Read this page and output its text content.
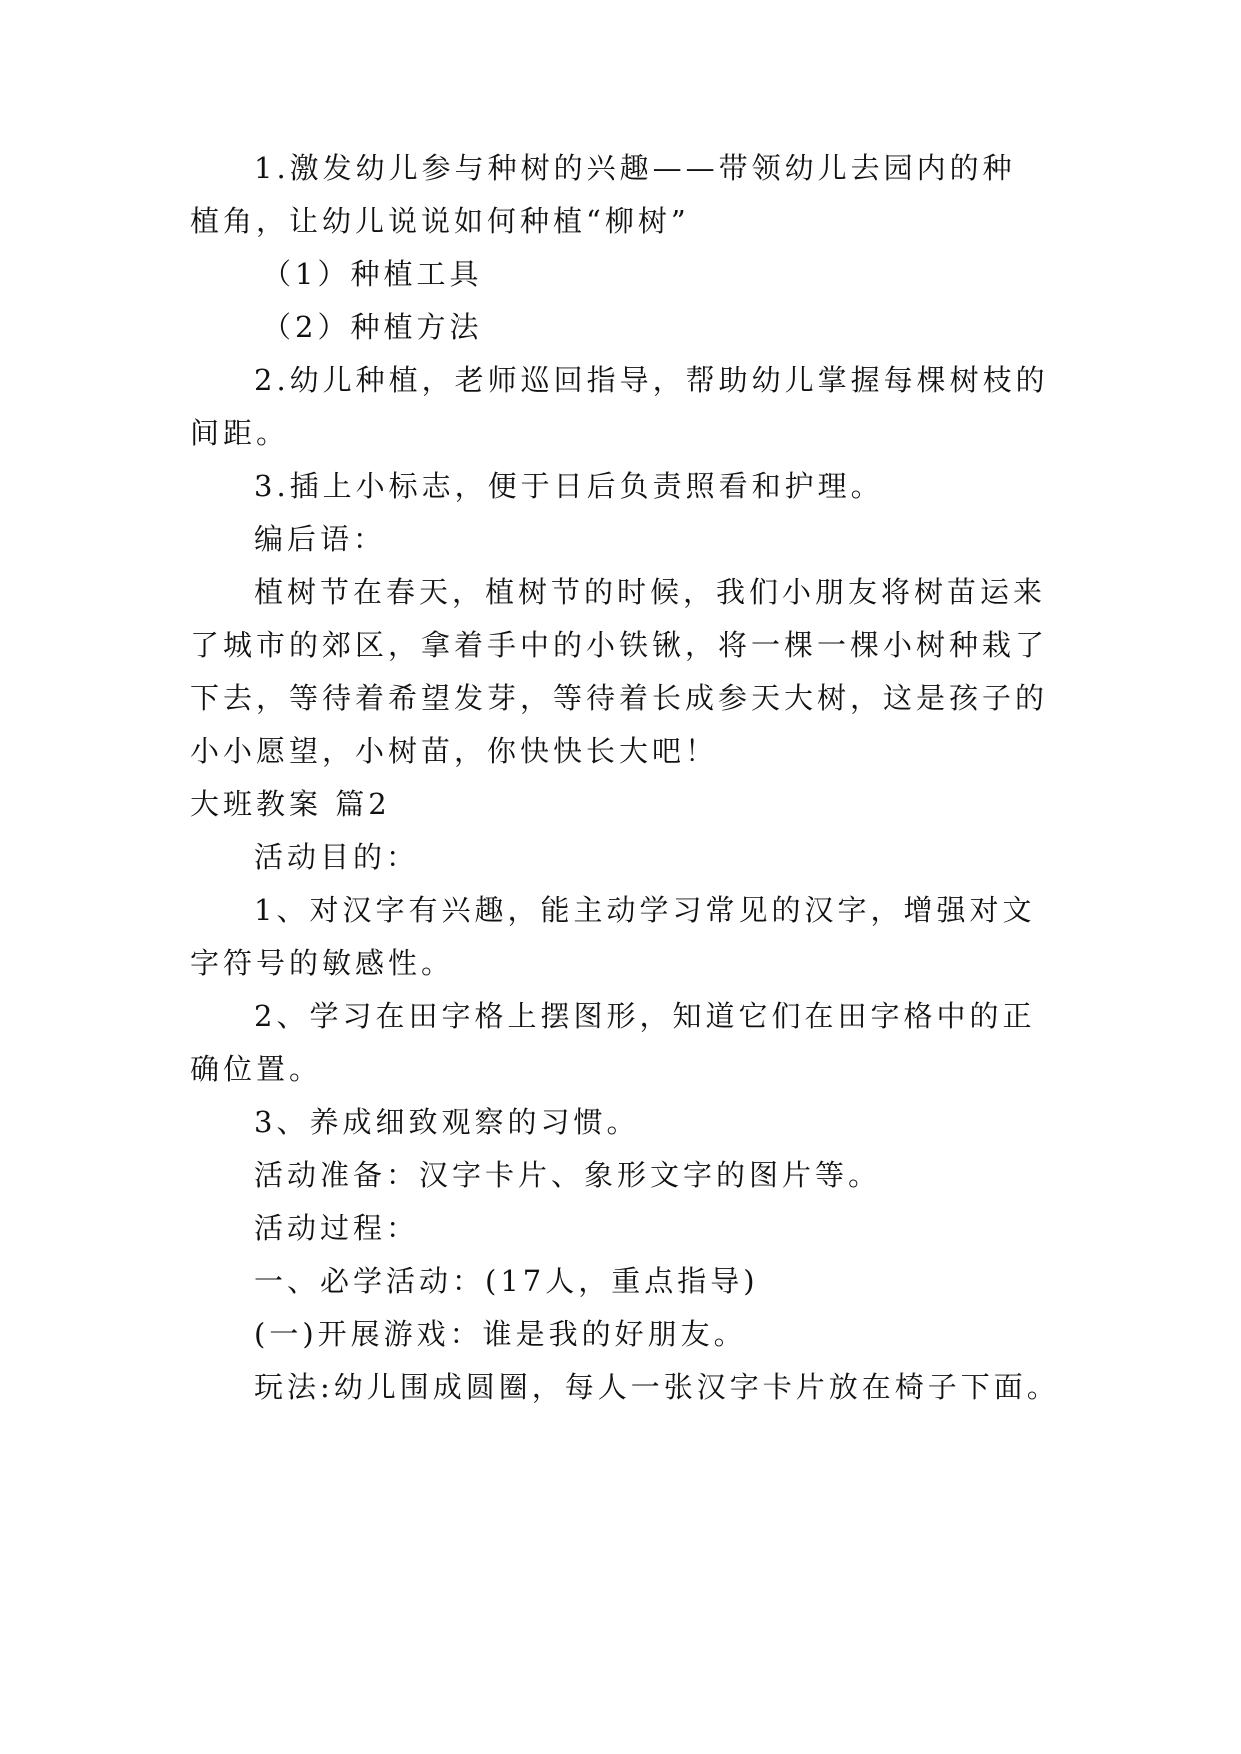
1.激发幼儿参与种树的兴趣——带领幼儿去园内的种
植角，让幼儿说说如何种植“柳树”
（1）种植工具
（2）种植方法
2.幼儿种植，老师巡回指导，帮助幼儿掌握每棵树枝的
间距。
3.插上小标志，便于日后负责照看和护理。
编后语：
植树节在春天，植树节的时候，我们小朋友将树苗运来
了城市的郊区，拿着手中的小铁锹，将一棵一棵小树种栽了
下去，等待着希望发芽，等待着长成参天大树，这是孩子的
小小愿望，小树苗，你快快长大吧！
大班教案 篇2
活动目的：
1、对汉字有兴趣，能主动学习常见的汉字，增强对文
字符号的敏感性。
2、学习在田字格上摆图形，知道它们在田字格中的正
确位置。
3、养成细致观察的习惯。
活动准备：汉字卡片、象形文字的图片等。
活动过程：
一、必学活动：(17人，重点指导)
(一)开展游戏：谁是我的好朋友。
玩法:幼儿围成圆圈，每人一张汉字卡片放在椅子下面。
